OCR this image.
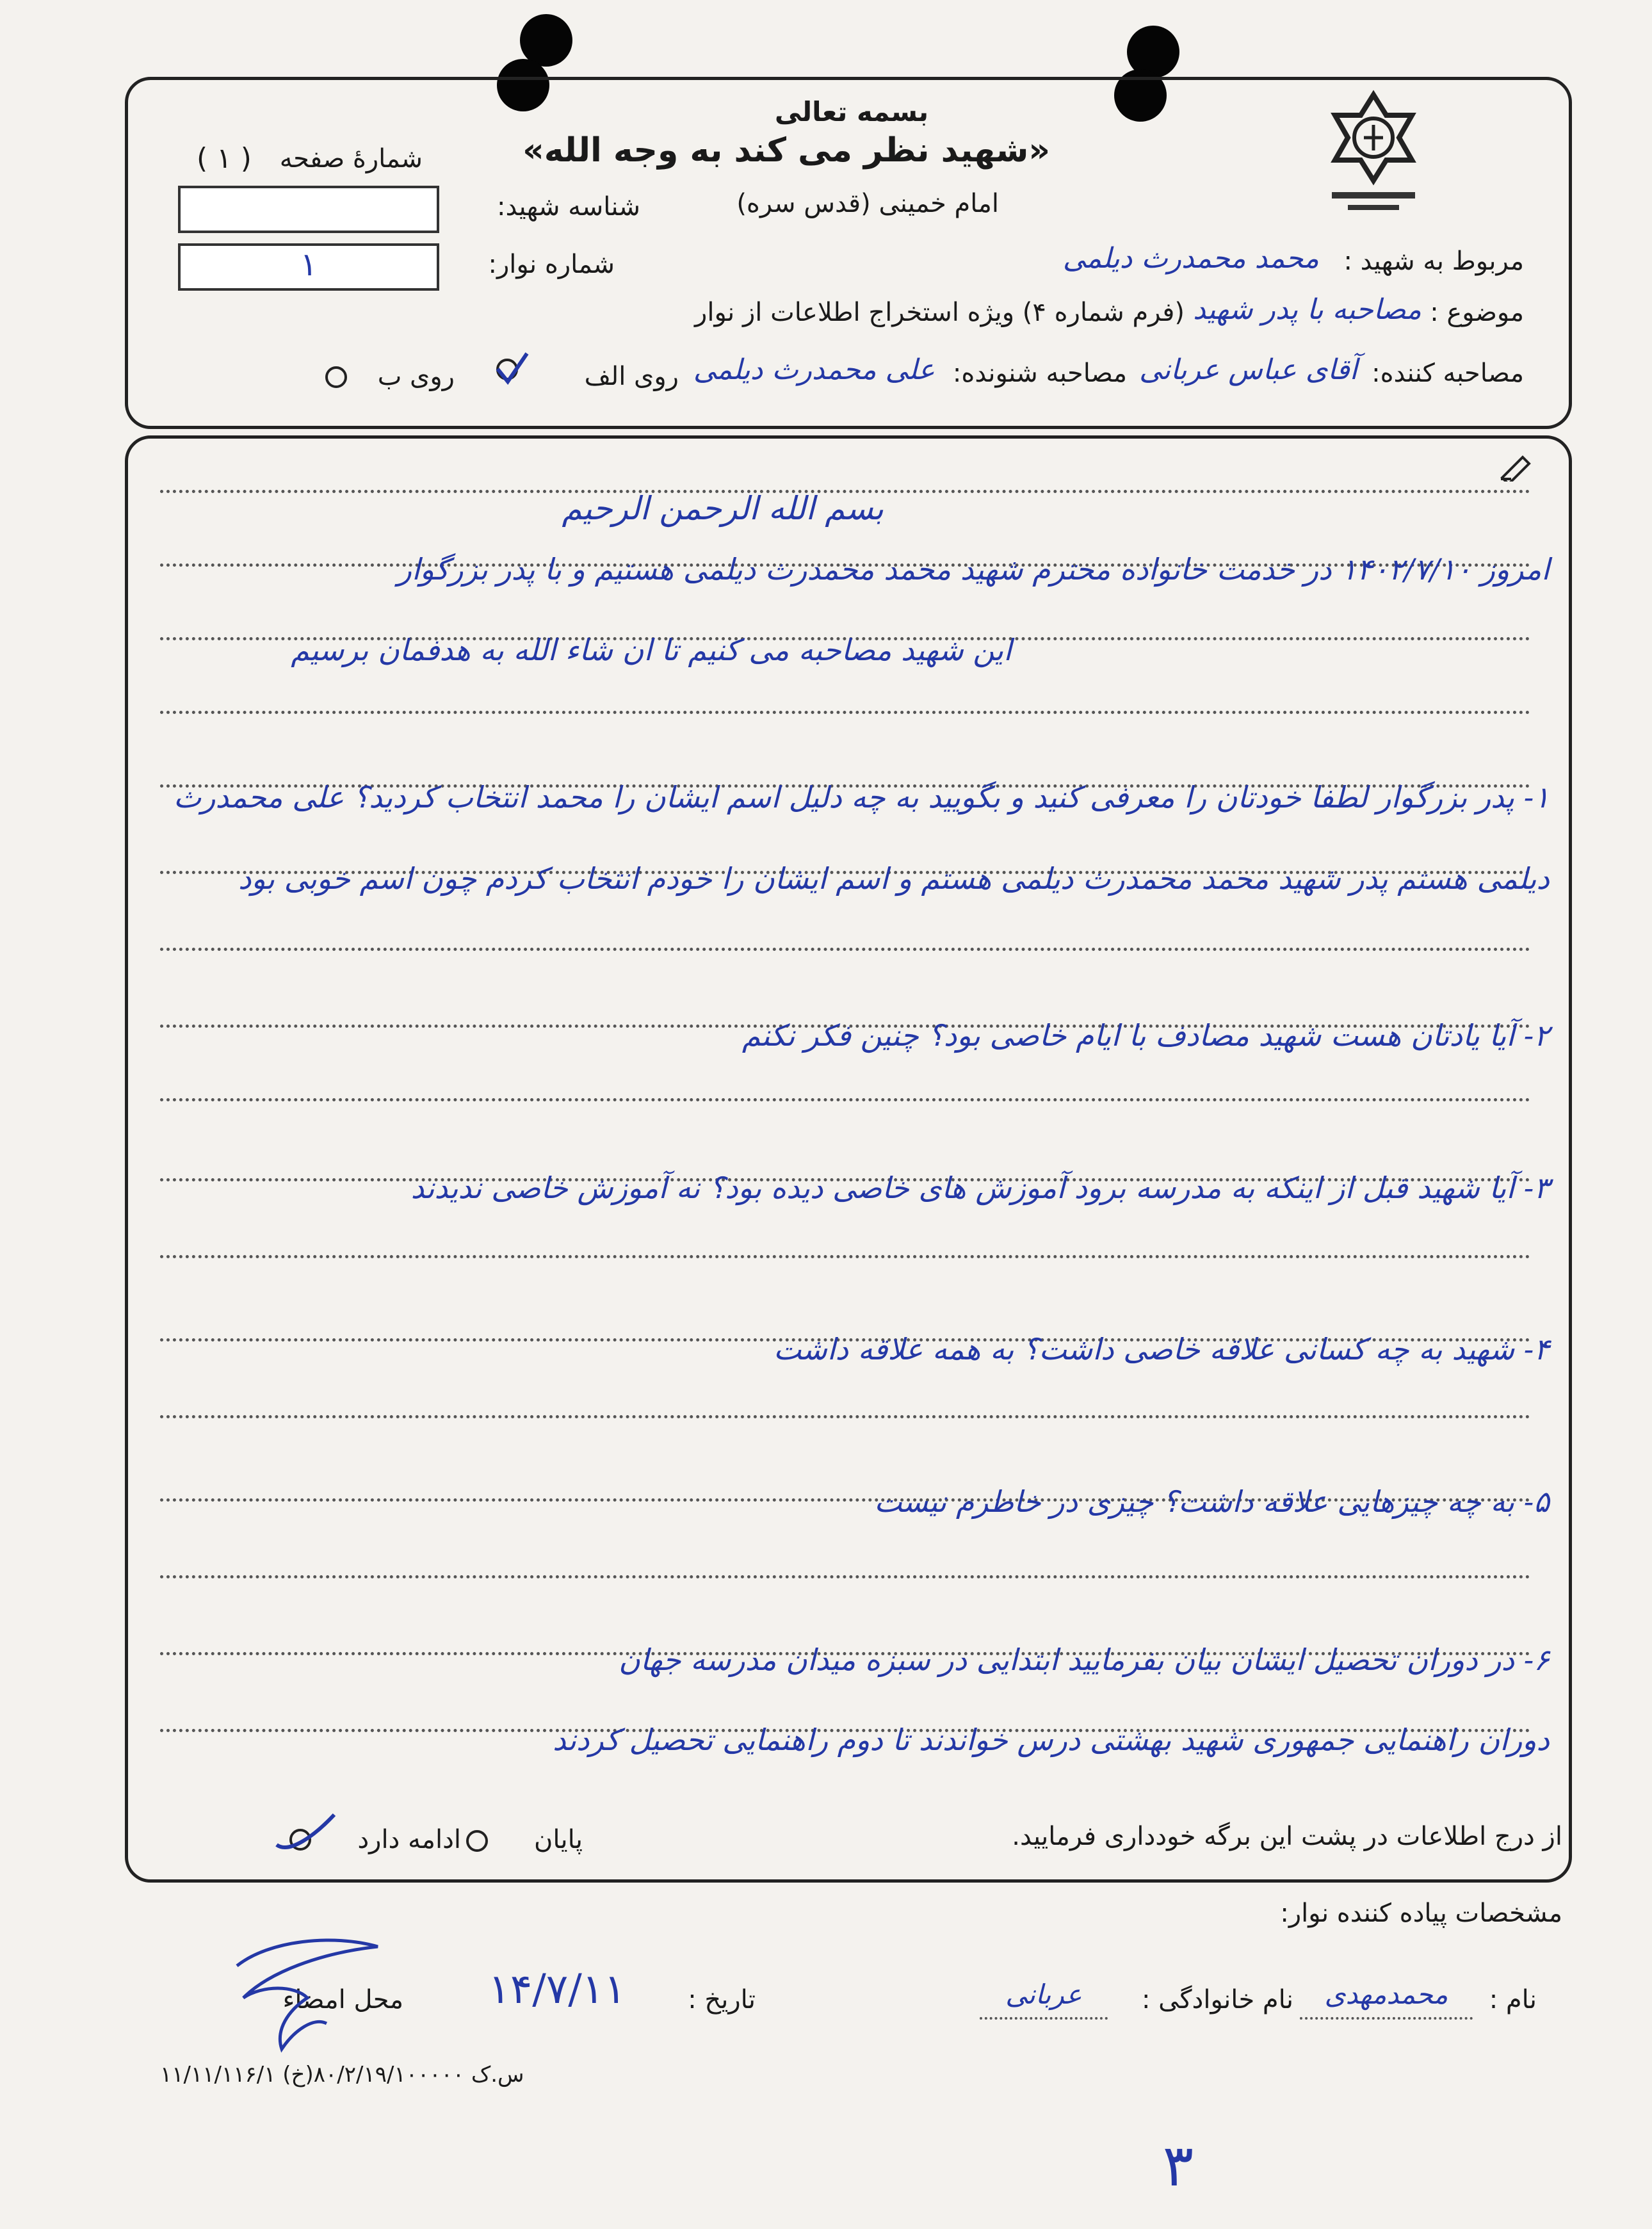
بسمه تعالی
«شهید نظر می کند به وجه الله»
امام خمینی (قدس سره)
شمارهٔ صفحه
( ۱ )
شناسه شهید:
۱	شماره نوار:	مربوط به شهید :
محمد محمدرث دیلمی
موضوع :
مصاحبه با پدر شهید
(فرم شماره ۴) ویژه استخراج اطلاعات از نوار
مصاحبه کننده:
آقای عباس عربانی
مصاحبه شنونده:
علی محمدرث دیلمی
روی الف
روی ب
بسم الله الرحمن الرحیم
امروز ۱۴۰۲/۷/۱۰ در خدمت خانواده محترم شهید محمد محمدرث دیلمی هستیم و با پدر بزرگوار
این شهید مصاحبه می کنیم تا ان شاء الله به هدفمان برسیم
۱- پدر بزرگوار لطفا خودتان را معرفی کنید و بگویید به چه دلیل اسم ایشان را محمد انتخاب کردید؟ علی محمدرث
دیلمی هستم پدر شهید محمد محمدرث دیلمی هستم و اسم ایشان را خودم انتخاب کردم چون اسم خوبی بود
۲- آیا یادتان هست شهید مصادف با ایام خاصی بود؟ چنین فکر نکنم
۳- آیا شهید قبل از اینکه به مدرسه برود آموزش های خاصی دیده بود؟ نه آموزش خاصی ندیدند
۴- شهید به چه کسانی علاقه خاصی داشت؟ به همه علاقه داشت
۵- به چه چیزهایی علاقه داشت؟ چیزی در خاطرم نیست
۶- در دوران تحصیل ایشان بیان بفرمایید ابتدایی در سبزه میدان مدرسه جهان
دوران راهنمایی جمهوری شهید بهشتی درس خواندند تا دوم راهنمایی تحصیل کردند
از درج اطلاعات در پشت این برگه خودداری فرمایید.
پایان
ادامه دارد
مشخصات پیاده کننده نوار:
نام :
محمدمهدی
نام خانوادگی :
عربانی
تاریخ :
۱۴/۷/۱۱
محل امضاء
۱۱/۱۱/۱۱۶/۱ س.ک ۸۰/۲/۱۹/۱۰۰۰۰۰(خ)
۳
